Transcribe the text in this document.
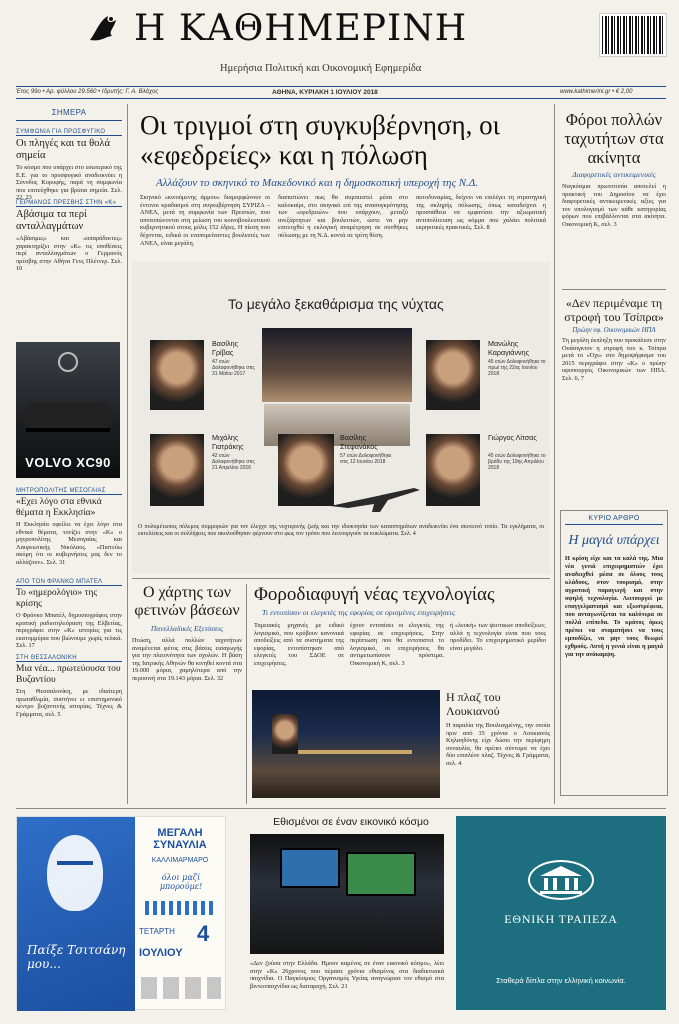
Η ΚΑΘΗΜΕΡΙΝΗ
Ημερήσια Πολιτική και Οικονομική Εφημερίδα
Έτος 99ο • Αρ. φύλλου 29.560 • Ιδρυτής: Γ. Α. Βλάχος	ΑΘΗΝΑ, ΚΥΡΙΑΚΗ 1 ΙΟΥΛΙΟΥ 2018	www.kathimerini.gr • € 2,00
ΣΗΜΕΡΑ
ΣΥΜΦΩΝΙΑ ΓΙΑ ΠΡΟΣΦΥΓΙΚΟ
Οι πληγές και τα θολά σημεία
Το κόσμο που υπάρχει στο εσωτερικό της Ε.Ε. για το προσφυγικό αναδεικνύει η Σύνοδος Κορυφής, παρά τη συμφωνία που επιτεύχθηκε για βρίσια σημεία. Σελ. 22, 23
ΓΕΡΜΑΝΟΣ ΠΡΕΣΒΗΣ ΣΤΗΝ «Κ»
Αβάσιμα τα περί ανταλλαγμάτων
«Αβάσιμες» και «απαράδεκτες» χαρακτηρίζει στην «Κ» τις υποθέσεις περί ανταλλαγμάτων ο Γερμανός πρέσβης στην Αθήνα Γενς Πλέτνερ. Σελ. 10
VOLVO XC90
ΜΗΤΡΟΠΟΛΙΤΗΣ ΜΕΣΟΓΑΙΑΣ
«Εχει λόγο στα εθνικά θέματα η Εκκλησία»
Η Εκκλησία οφείλει να έχει λόγο στα εθνικά θέματα, τονίζει στην «Κ» ο μητροπολίτης Μεσογαίας και Λαυρεωτικής Νικόλαος. «Πιστεύω ακόμη ότι οι κυβερνήσεις μας δεν το αλλάζουν». Σελ. 31
ΑΠΟ ΤΟΝ ΦΡΑΝΚΟ ΜΠΑΤΕΛ
Το «ημερολόγιο» της κρίσης
Ο Φράνκο Μπατέλ, δημοσιογράφος στην κρατική ραδιοτηλεόραση της Ελβετίας, περιγράφει στην «Κ» ιστορίες για τις εκατομμύρια που βιώνουμε χωρίς τελικά. Σελ. 17
ΣΤΗ ΘΕΣΣΑΛΟΝΙΚΗ
Μια νέα... πρωτεύουσα του Βυζαντίου
Στη Θεσσαλονίκη, με ιδιαίτερη πρωταθλιμία, συστήνει ει επιστημονικό κέντρο βυζαντινής ιστορίας. Τέχνες & Γράμματα, σελ. 5
Οι τριγμοί στη συγκυβέρνηση, οι «εφεδρείες» και η πόλωση
Αλλάζουν το σκηνικό το Μακεδονικό και η δημοσκοπική υπεροχή της Ν.Δ.
Σκηνικό «κινούμενης άμμου» διαμορφώνουν οι έντονοι κραδασμοί στη συγκυβέρνηση ΣΥΡΙΖΑ – ΑΝΕΛ, μετά τη συμφωνία των Πρεσπών, που αποτυπώνονται στη μείωση του κοινοβουλευτικού κυβερνητικού στους μόλις 152 έδρες. Η πίεση που δέχονται, ειδικά οι εναπομείναντες βουλευτές των ΑΝΕΛ, είναι μεγάλη.
διαπιστώνει πως θα συμπιεστεί μέσα στο καλοκαίρι, στο σκηνικό επί της ανασυγκρότησης των «εφεδρειών» που υπάρχουν, μεταξύ ανεξάρτητων και βουλευτών, ώστε να μην επιτευχθεί η εκλογική αναμέτρηση σε συνθήκες πόλωσης με τη Ν.Δ. κοντά σε τρίτη θέση.
αυτοδυναμίας, δείχνει να επιλέγει τη στρατηγική της σκληρής πόλωσης, όπως καταδείχνει η προσπάθεια να εμφανίσει την αξιωματική αντιπολίτευση ως κόμμα που χαλάει πολιτικά εκρηκτικές πρακτικές. Σελ. 8
Το μεγάλο ξεκαθάρισμα της νύχτας
Βασίλης Γρίβας
47 ετών Δολοφονήθηκε στις 31 Μαΐου 2017
Μανώλης Καραγιάννης
45 ετών Δολοφονήθηκε το πρωί της 22ας Ιουνίου 2018
Μιχάλης Γιατράκης
42 ετών Δολοφονήθηκε στις 21 Απριλίου 2016
Βασίλης Στεφανάκος
57 ετών Δολοφονήθηκε στις 12 Ιουνίου 2018
Γιώργος Λίτσας
45 ετών Δολοφονήθηκε το βράδυ της 19ης Απριλίου 2018
Ο πολυμέτωπος πόλεμος συμμοριών για τον έλεγχο της νυχτερινής ζωής και την ιδιοκτησία των καταστημάτων αναδεικνύει ένα σκοτεινό τοπίο. Τα εγκλήματα, οι εκτελέσεις και οι συλλήψεις που ακολούθησαν φέρνουν στο φως τον τρόπο που λειτουργούν τα κυκλώματα. Σελ. 4
Φόροι πολλών ταχυτήτων στα ακίνητα
Διαφορετικές αντικειμενικές
Ναγκόσμια πρωτοτυπία αποτελεί η πρακτική του Δημοσίου να έχει διαφορετικές αντικειμενικές αξίες για τον υπολογισμό των κάθε κατηγορίας φόρων που επιβάλλονται στα ακίνητα. Οικονομική Κ, σελ. 3
«Δεν περιμέναμε τη στροφή του Τσίπρα»
Πρώην υφ. Οικονομικών ΗΠΑ
Τη μεγάλη έκπληξη που προκάλεσε στην Ουάσιγκτον η στροφή του κ. Τσίπρα μετά το «Όχι» στο δημοψήφισμα του 2015 περιγράφει στην «Κ» ο πρώην υφυπουργός Οικονομικών των ΗΠΑ. Σελ. 6, 7
ΚΥΡΙΟ ΑΡΘΡΟ
Η μαγιά υπάρχει
Η κρίση είχε και τα καλά της. Μια νέα γενιά επιχειρηματιών έχει αναδειχθεί μέσα σε όλους τους κλάδους, στον τουρισμό, στην αγροτική παραγωγή και στην υψηλή τεχνολογία. Λειτουργεί με επαγγελματισμό και εξωστρέφεια, που ανταγωνίζεται τα καλύτερα σε πολλά επίπεδα. Το κράτος όμως πρέπει να σταματήσει να τους εμποδίζει, να μην τους θεωρεί εχθρούς. Αυτή η γενιά είναι η μαγιά για την ανάκαμψη.
Ο χάρτης των φετινών βάσεων
Πανελλαδικές Εξετάσεις
Πτώση, αλλά πολλών ταχυτήτων αναμένεται φέτος στις βάσεις εισαγωγής για την πλειονότητα των σχολών. Η βάση της Ιατρικής Αθηνών θα κινηθεί κοντά στα 19.000 μόρια, χαμηλότερα από την περυσινή στα 19.143 μόρια. Σελ. 32
Φοροδιαφυγή νέας τεχνολογίας
Τι εντοπίσαν οι ελεγκτές της εφορίας σε ορισμένες επιχειρήσεις
Ταμειακές μηχανές με ειδικό λογισμικό, που κρύβουν κανονικά αποδείξεις από τα συστήματα της εφορίας, εντοπίστηκαν από ελεγκτές του ΣΔΟΕ σε επιχειρήσεις.
έχουν εντοπίσει οι ελεγκτές της εφορίας σε επιχειρήσεις. Στην περίπτωση που θα εντοπιστεί το λογισμικό, οι επιχειρήσεις θα αντιμετωπίσουν πρόστιμα. Οικονομική Κ, σελ. 3
ή «λευκή» των ψευτικων αποδείξεων, αλλά η τεχνολογία είναι που τους προδίδει. Το επιχειρηματικό μερίδιο είναι μεγάλο.
Η πλαζ του Λουκιανού
Η παραλία της Βουλιαγμένης, την οποία πριν από 35 χρόνια ο Λουκιανός Κηλαηδόνης είχε δώσει την περίφημη συναυλία, θα πρέπει σύντομα να έχει δύο επιπλέον πλαζ. Τέχνες & Γράμματα, σελ. 4
Παίξε Τσιτσάνη μου...
ΜΕΓΑΛΗ ΣΥΝΑΥΛΙΑ
ΚΑΛΛΙΜΑΡΜΑΡΟ
όλοι μαζί μπορούμε!
ΤΕΤΑΡΤΗ 4
ΙΟΥΛΙΟΥ
Εθισμένοι σε έναν εικονικό κόσμο
«Δεν ζούσα στην Ελλάδα. Ημουν καμένος σε έναν εικονικό κόσμο», λέει στην «Κ» 26χρονος που πέρασε χρόνια εθισμένος στα διαδικτυακά παιχνίδια. Ο Παγκόσμιος Οργανισμός Υγείας αναγνώρισε τον εθισμό στα βιντεοπαιχνίδια ως διαταραχή. Σελ. 21
ΕΘΝΙΚΗ ΤΡΑΠΕΖΑ
Σταθερά δίπλα στην ελληνική κοινωνία.
